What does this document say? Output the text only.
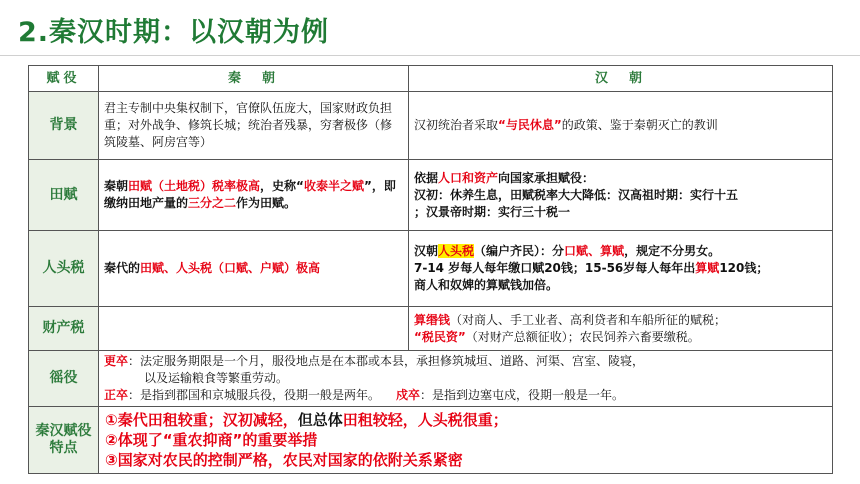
2.秦汉时期：以汉朝为例
赋役	秦　朝	汉　朝
背景	君主专制中央集权制下，官僚队伍庞大，国家财政负担重；对外战争、修筑长城；统治者残暴，穷奢极侈（修筑陵墓、阿房宫等）	汉初统治者采取“与民休息”的政策、鉴于秦朝灭亡的教训
田赋	秦朝田赋（土地税）税率极高，史称“收泰半之赋”，即缴纳田地产量的三分之二作为田赋。	依据人口和资产向国家承担赋役：
汉初：休养生息，田赋税率大大降低：汉高祖时期：实行十五
；汉景帝时期：实行三十税一

人头税	秦代的田赋、人头税（口赋、户赋）极高	汉朝人头税（编户齐民）：分口赋、算赋，规定不分男女。
7-14 岁每人每年缴口赋20钱；15-56岁每人每年出算赋120钱；
商人和奴婢的算赋钱加倍。

财产税		算缗钱（对商人、手工业者、高利贷者和车船所征的赋税；
“税民资”（对财产总额征收）；农民饲养六畜要缴税。

徭役	更卒：法定服务期限是一个月，服役地点是在本郡或本县，承担修筑城垣、道路、河渠、宫室、陵寝，
以及运输粮食等繁重劳动。
正卒：是指到郡国和京城服兵役，役期一般是两年。 戍卒：是指到边塞屯戍，役期一般是一年。	

秦汉赋役特点	①秦代田租较重；汉初减轻，但总体田租较轻，人头税很重；
②体现了“重农抑商”的重要举措
③国家对农民的控制严格，农民对国家的依附关系紧密	
